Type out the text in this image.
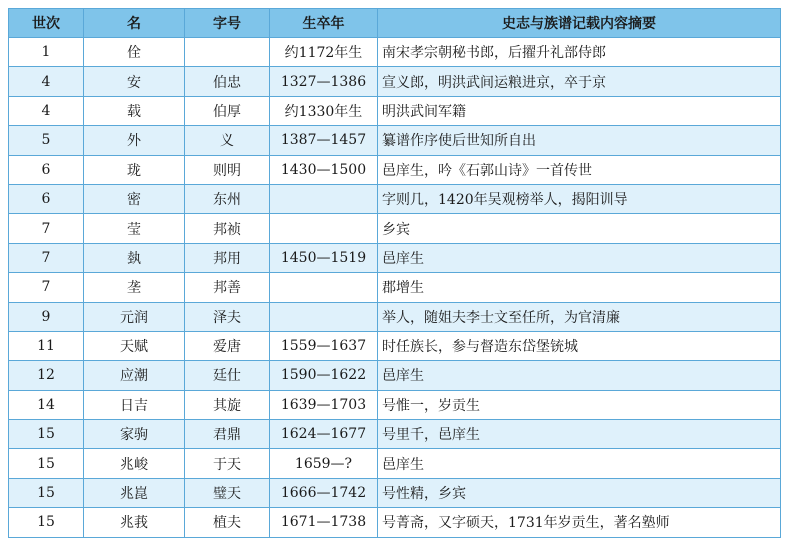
世次	名	字号	生卒年	史志与族谱记载内容摘要
1	佺		约1172年生	南宋孝宗朝秘书郎，后擢升礼部侍郎
4	安	伯忠	1327—1386	宣义郎，明洪武间运粮进京，卒于京
4	载	伯厚	约1330年生	明洪武间军籍
5	外	义	1387—1457	纂谱作序使后世知所自出
6	珑	则明	1430—1500	邑庠生，吟《石郭山诗》一首传世
6	密	东州		字则几，1420年吴观榜举人，揭阳训导
7	莹	邦祯		乡宾
7	埶	邦用	1450—1519	邑庠生
7	垄	邦善		郡增生
9	元润	泽夫		举人，随姐夫李士文至任所，为官清廉
11	天赋	爱唐	1559—1637	时任族长，参与督造东岱堡铳城
12	应潮	廷仕	1590—1622	邑庠生
14	日吉	其旋	1639—1703	号惟一，岁贡生
15	家驹	君鼎	1624—1677	号里千，邑庠生
15	兆峻	于天	1659—?	邑庠生
15	兆崑	璧天	1666—1742	号性精，乡宾
15	兆莪	植夫	1671—1738	号菁斋，又字硕天，1731年岁贡生，著名塾师
